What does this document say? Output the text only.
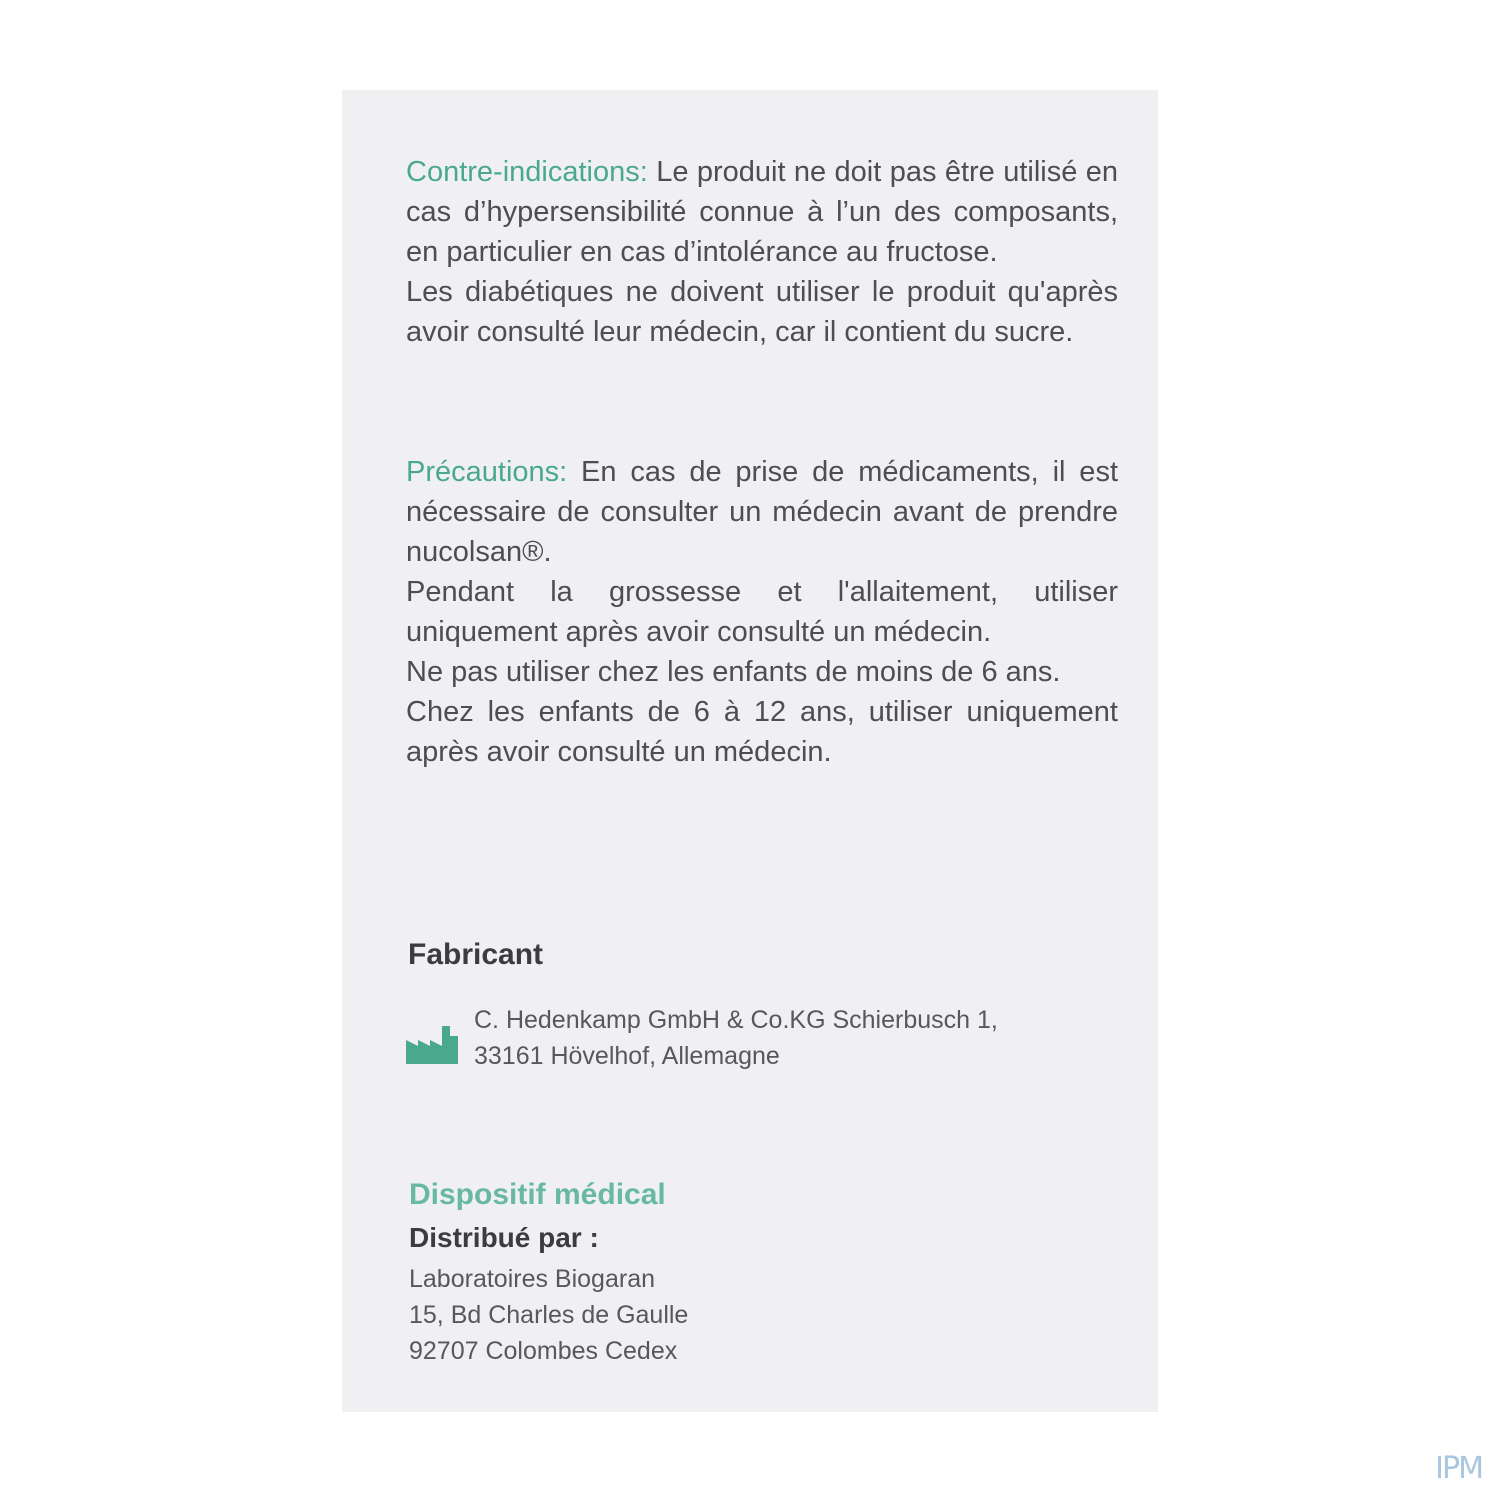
Contre-indications: Le produit ne doit pas être utilisé en cas d’hypersensibilité connue à l’un des composants, en particulier en cas d’intolérance au fructose.

Les diabétiques ne doivent utiliser le produit qu'après avoir consulté leur médecin, car il contient du sucre.

Précautions: En cas de prise de médicaments, il est nécessaire de consulter un médecin avant de prendre nucolsan®.

Pendant la grossesse et l'allaitement, utiliser uniquement après avoir consulté un médecin.

Ne pas utiliser chez les enfants de moins de 6 ans.

Chez les enfants de 6 à 12 ans, utiliser uniquement après avoir consulté un médecin.

Fabricant
C. Hedenkamp GmbH & Co.KG Schierbusch 1,
33161 Hövelhof, Allemagne
Dispositif médical
Distribué par :
Laboratoires Biogaran
15, Bd Charles de Gaulle
92707 Colombes Cedex
IPM
